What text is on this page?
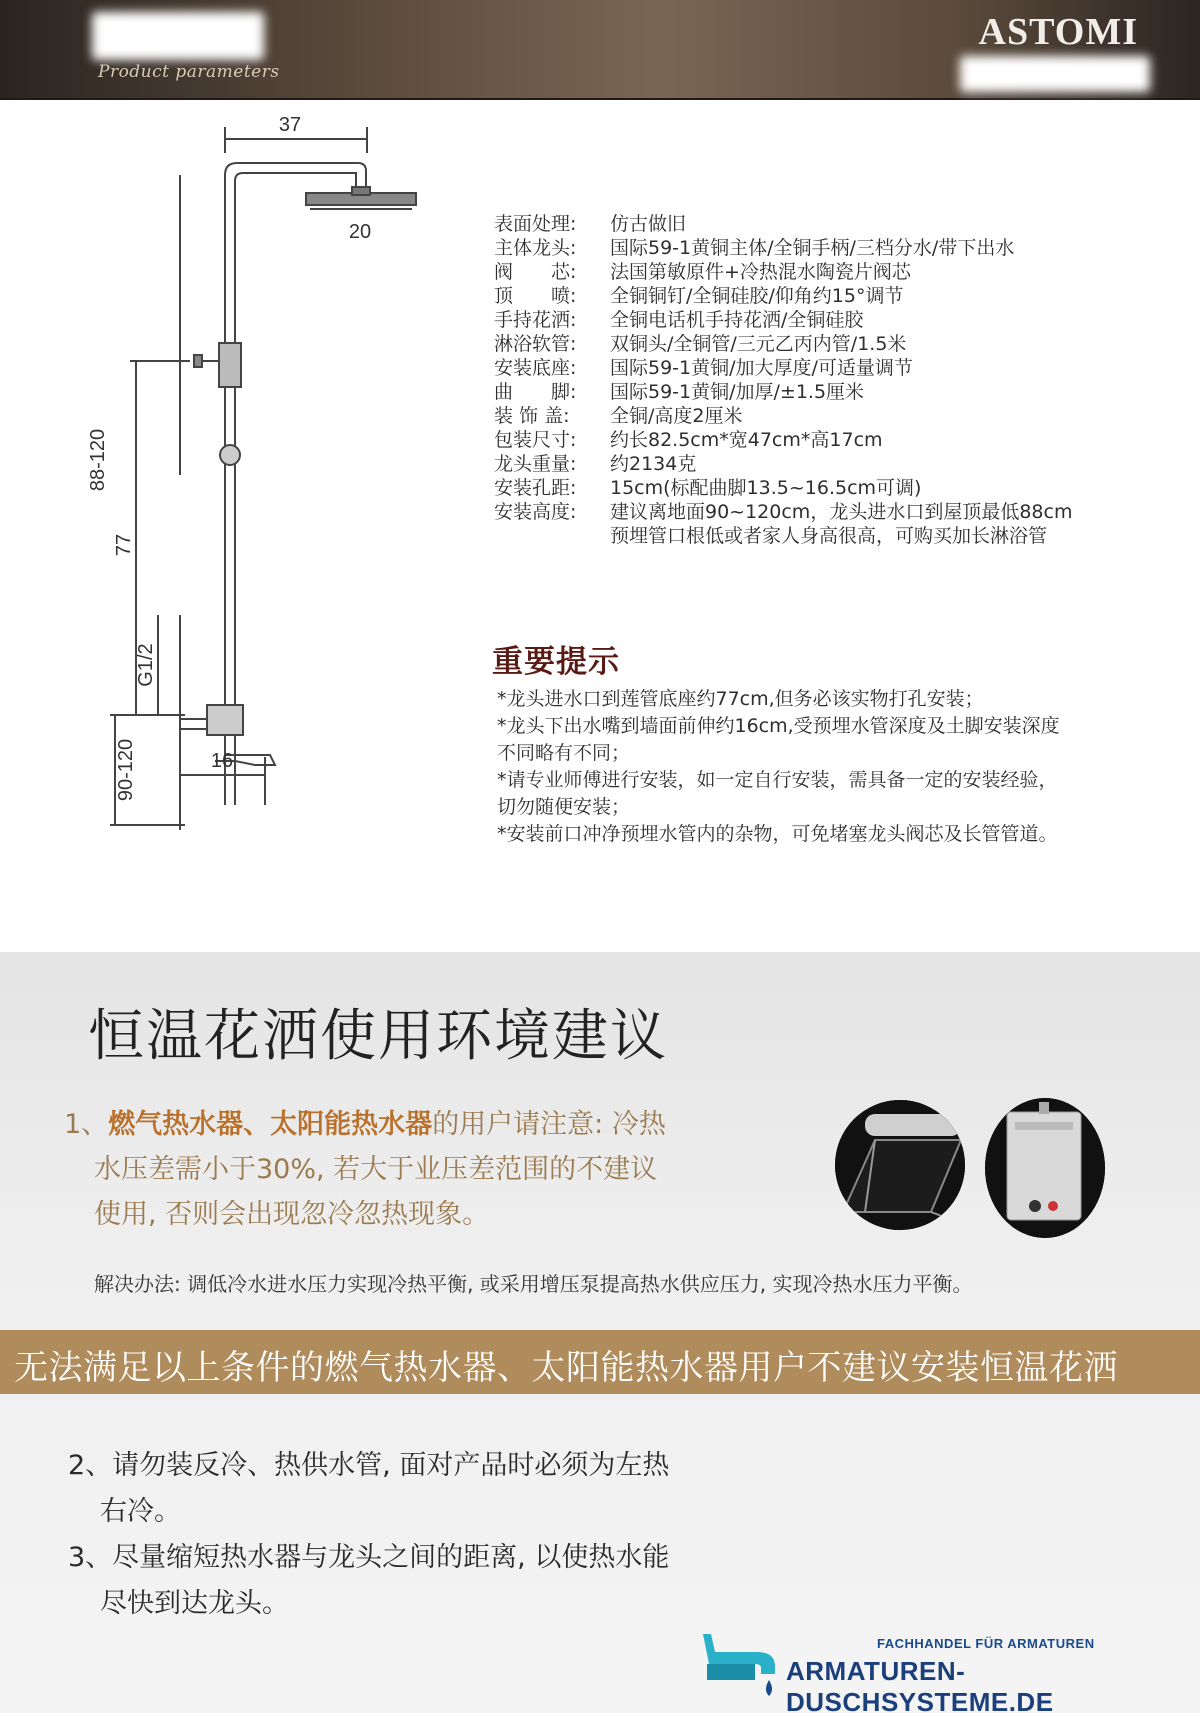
Product parameters
ASTOMI
37
20
88-120
77
G1/2
90-120	16
表面处理:	仿古做旧
主体龙头:	国际59-1黄铜主体/全铜手柄/三档分水/带下出水
阀　　芯:	法国第敏原件+冷热混水陶瓷片阀芯
顶　　喷:	全铜铜钉/全铜硅胶/仰角约15°调节
手持花洒:	全铜电话机手持花洒/全铜硅胶
淋浴软管:	双铜头/全铜管/三元乙丙内管/1.5米
安装底座:	国际59-1黄铜/加大厚度/可适量调节
曲　　脚:	国际59-1黄铜/加厚/±1.5厘米
装 饰 盖:	全铜/高度2厘米
包装尺寸:	约长82.5cm*宽47cm*高17cm
龙头重量:	约2134克
安装孔距:	15cm(标配曲脚13.5~16.5cm可调)
安装高度:	建议离地面90~120cm，龙头进水口到屋顶最低88cm
预埋管口根低或者家人身高很高，可购买加长淋浴管
重要提示
*龙头进水口到莲管底座约77cm,但务必该实物打孔安装；
*龙头下出水嘴到墙面前伸约16cm,受预埋水管深度及土脚安装深度
不同略有不同；
*请专业师傅进行安装，如一定自行安装，需具备一定的安装经验，
切勿随便安装；
*安装前口冲净预埋水管内的杂物，可免堵塞龙头阀芯及长管管道。
恒温花洒使用环境建议
1、燃气热水器、太阳能热水器的用户请注意: 冷热
水压差需小于30%, 若大于业压差范围的不建议
使用, 否则会出现忽冷忽热现象。
解决办法: 调低冷水进水压力实现冷热平衡, 或采用增压泵提高热水供应压力, 实现冷热水压力平衡。
无法满足以上条件的燃气热水器、太阳能热水器用户不建议安装恒温花洒
2、请勿装反冷、热供水管, 面对产品时必须为左热
右冷。
3、尽量缩短热水器与龙头之间的距离, 以使热水能
尽快到达龙头。
FACHHANDEL FÜR ARMATUREN
ARMATUREN-DUSCHSYSTEME.DE
